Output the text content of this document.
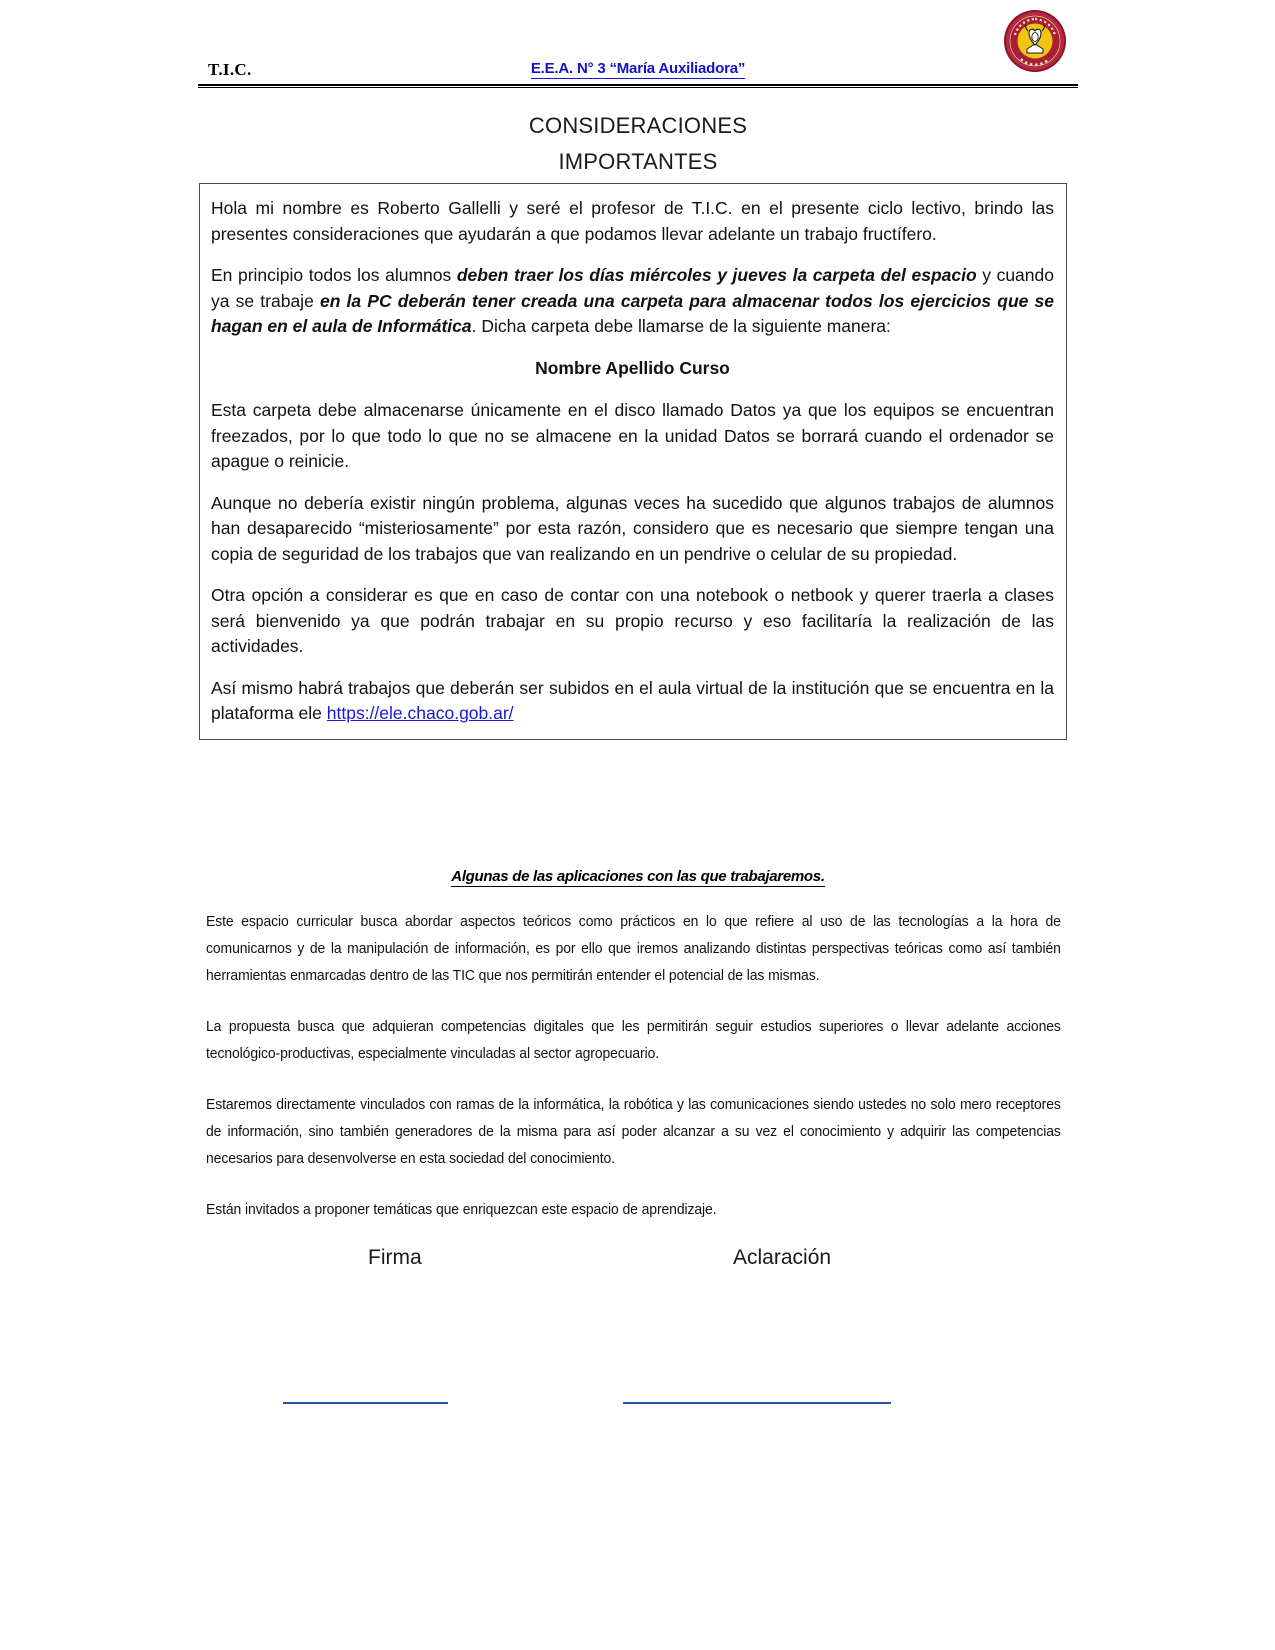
T.I.C.	E.E.A. N° 3 “María Auxiliadora”
CONSIDERACIONES
IMPORTANTES

Hola mi nombre es Roberto Gallelli y seré el profesor de T.I.C. en el presente ciclo lectivo, brindo las presentes consideraciones que ayudarán a que podamos llevar adelante un trabajo fructífero.

En principio todos los alumnos deben traer los días miércoles y jueves la carpeta del espacio y cuando ya se trabaje en la PC deberán tener creada una carpeta para almacenar todos los ejercicios que se hagan en el aula de Informática. Dicha carpeta debe llamarse de la siguiente manera:

Nombre Apellido Curso

Esta carpeta debe almacenarse únicamente en el disco llamado Datos ya que los equipos se encuentran freezados, por lo que todo lo que no se almacene en la unidad Datos se borrará cuando el ordenador se apague o reinicie.

Aunque no debería existir ningún problema, algunas veces ha sucedido que algunos trabajos de alumnos han desaparecido “misteriosamente” por esta razón, considero que es necesario que siempre tengan una copia de seguridad de los trabajos que van realizando en un pendrive o celular de su propiedad.

Otra opción a considerar es que en caso de contar con una notebook o netbook y querer traerla a clases será bienvenido ya que podrán trabajar en su propio recurso y eso facilitaría la realización de las actividades.

Así mismo habrá trabajos que deberán ser subidos en el aula virtual de la institución que se encuentra en la plataforma ele https://ele.chaco.gob.ar/

Algunas de las aplicaciones con las que trabajaremos.

Este espacio curricular busca abordar aspectos teóricos como prácticos en lo que refiere al uso de las tecnologías a la hora de comunicarnos y de la manipulación de información, es por ello que iremos analizando distintas perspectivas teóricas como así también herramientas enmarcadas dentro de las TIC que nos permitirán entender el potencial de las mismas.

La propuesta busca que adquieran competencias digitales que les permitirán seguir estudios superiores o llevar adelante acciones tecnológico-productivas, especialmente vinculadas al sector agropecuario.

Estaremos directamente vinculados con ramas de la informática, la robótica y las comunicaciones siendo ustedes no solo mero receptores de información, sino también generadores de la misma para así poder alcanzar a su vez el conocimiento y adquirir las competencias necesarios para desenvolverse en esta sociedad del conocimiento.

Están invitados a proponer temáticas que enriquezcan este espacio de aprendizaje.

Firma	Aclaración
